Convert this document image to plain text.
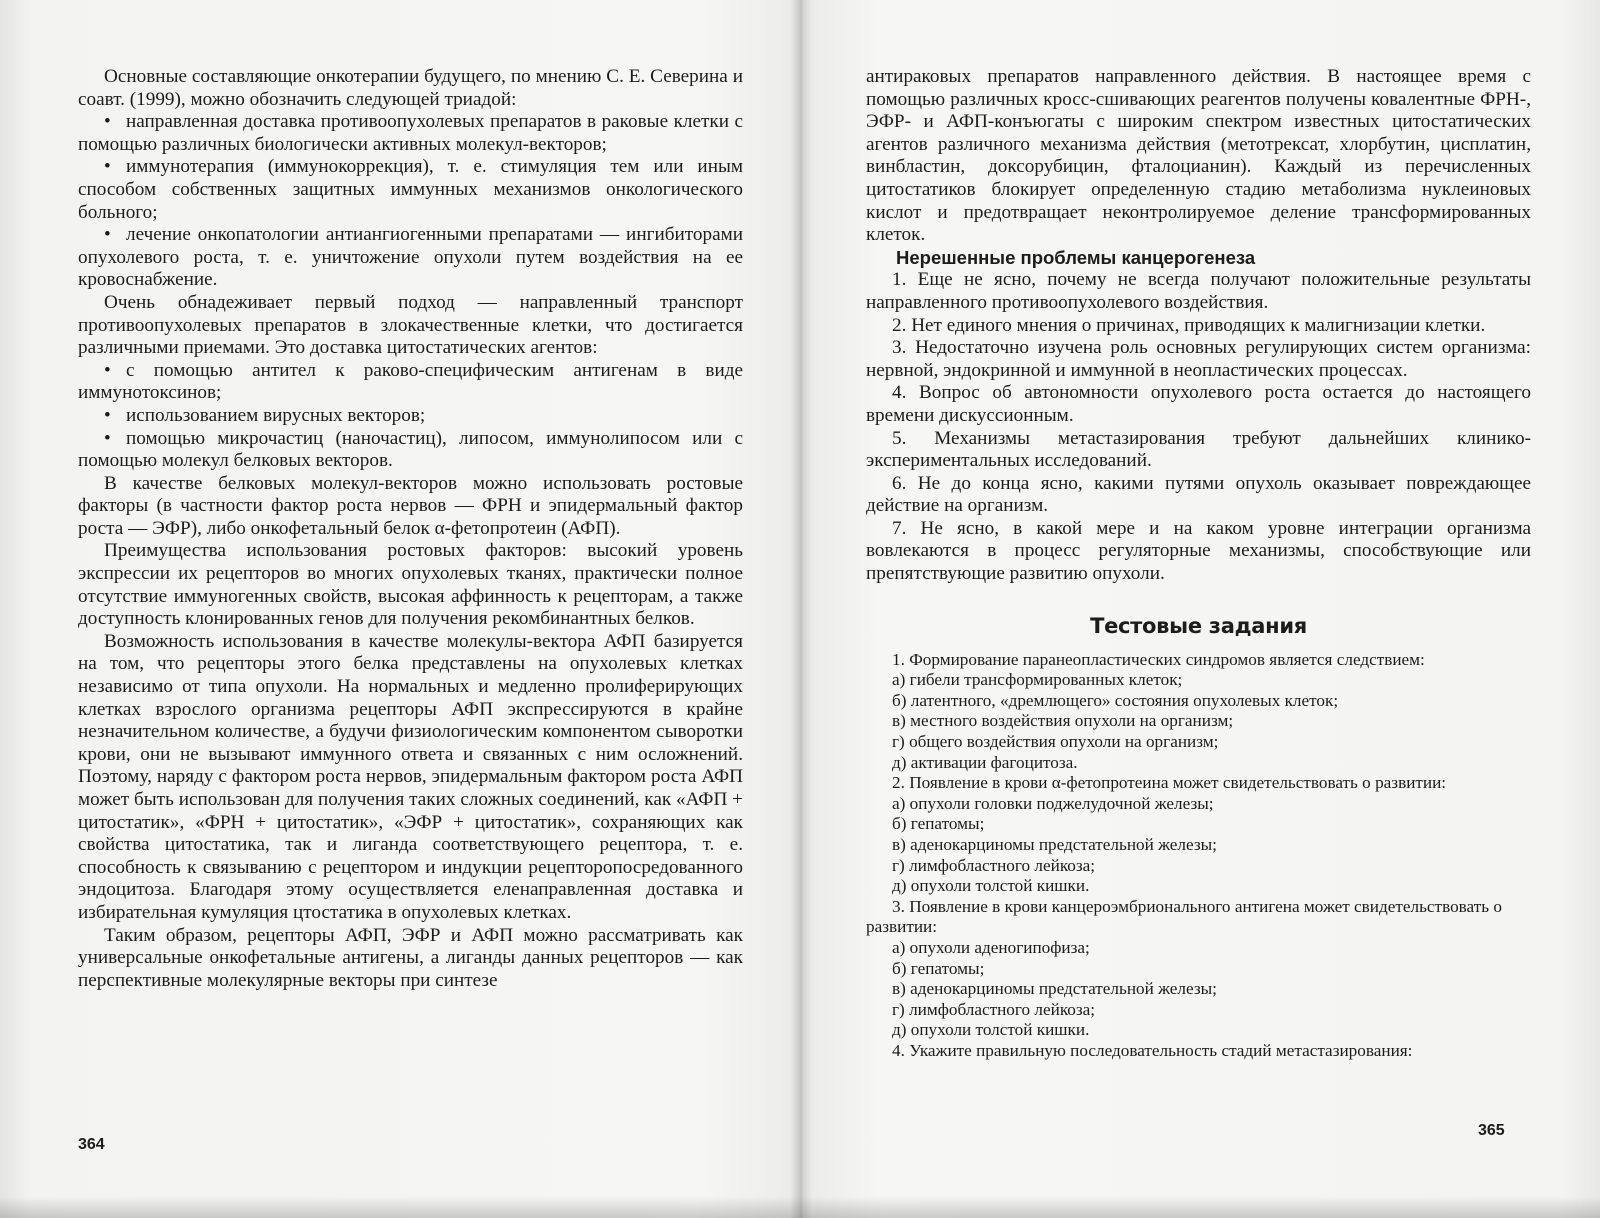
Основные составляющие онкотерапии будущего, по мнению С. Е. Северина и соавт. (1999), можно обозначить следующей триадой:

• направленная доставка противоопухолевых препаратов в раковые клетки с помощью различных биологически активных молекул-векторов;

• иммунотерапия (иммунокоррекция), т. е. стимуляция тем или иным способом собственных защитных иммунных механизмов онкологического больного;

• лечение онкопатологии антиангиогенными препаратами — ингибиторами опухолевого роста, т. е. уничтожение опухоли путем воздействия на ее кровоснабжение.

Очень обнадеживает первый подход — направленный транспорт противоопухолевых препаратов в злокачественные клетки, что достигается различными приемами. Это доставка цитостатических агентов:

• с помощью антител к раково-специфическим антигенам в виде иммунотоксинов;

• использованием вирусных векторов;

• помощью микрочастиц (наночастиц), липосом, иммунолипосом или с помощью молекул белковых векторов.

В качестве белковых молекул-векторов можно использовать ростовые факторы (в частности фактор роста нервов — ФРН и эпидермальный фактор роста — ЭФР), либо онкофетальный белок α-фетопротеин (АФП).

Преимущества использования ростовых факторов: высокий уровень экспрессии их рецепторов во многих опухолевых тканях, практически полное отсутствие иммуногенных свойств, высокая аффинность к рецепторам, а также доступность клонированных генов для получения рекомбинантных белков.

Возможность использования в качестве молекулы-вектора АФП базируется на том, что рецепторы этого белка представлены на опухолевых клетках независимо от типа опухоли. На нормальных и медленно пролиферирующих клетках взрослого организма рецепторы АФП экспрессируются в крайне незначительном количестве, а будучи физиологическим компонентом сыворотки крови, они не вызывают иммунного ответа и связанных с ним осложнений. Поэтому, наряду с фактором роста нервов, эпидермальным фактором роста АФП может быть использован для получения таких сложных соединений, как «АФП + цитостатик», «ФРН + цитостатик», «ЭФР + цитостатик», сохраняющих как свойства цитостатика, так и лиганда соответствующего рецептора, т. е. способность к связыванию с рецептором и индукции рецепторопосредованного эндоцитоза. Благодаря этому осуществляется еленаправленная доставка и избирательная кумуляция цтостатика в опухолевых клетках.

Таким образом, рецепторы АФП, ЭФР и АФП можно рассматривать как универсальные онкофетальные антигены, а лиганды данных рецепторов — как перспективные молекулярные векторы при синтезе

364

антираковых препаратов направленного действия. В настоящее время с помощью различных кросс-сшивающих реагентов получены ковалентные ФРН-, ЭФР- и АФП-конъюгаты с широким спектром известных цитостатических агентов различного механизма действия (метотрексат, хлорбутин, цисплатин, винбластин, доксорубицин, фталоцианин). Каждый из перечисленных цитостатиков блокирует определенную стадию метаболизма нуклеиновых кислот и предотвращает неконтролируемое деление трансформированных клеток.

Нерешенные проблемы канцерогенеза

1. Еще не ясно, почему не всегда получают положительные результаты направленного противоопухолевого воздействия.

2. Нет единого мнения о причинах, приводящих к малигнизации клетки.

3. Недостаточно изучена роль основных регулирующих систем организма: нервной, эндокринной и иммунной в неопластических процессах.

4. Вопрос об автономности опухолевого роста остается до настоящего времени дискуссионным.

5. Механизмы метастазирования требуют дальнейших клинико-экспериментальных исследований.

6. Не до конца ясно, какими путями опухоль оказывает повреждающее действие на организм.

7. Не ясно, в какой мере и на каком уровне интеграции организма вовлекаются в процесс регуляторные механизмы, способствующие или препятствующие развитию опухоли.

Тестовые задания

1. Формирование паранеопластических синдромов является следствием:

а) гибели трансформированных клеток;

б) латентного, «дремлющего» состояния опухолевых клеток;

в) местного воздействия опухоли на организм;

г) общего воздействия опухоли на организм;

д) активации фагоцитоза.

2. Появление в крови α-фетопротеина может свидетельствовать о развитии:

а) опухоли головки поджелудочной железы;

б) гепатомы;

в) аденокарциномы предстательной железы;

г) лимфобластного лейкоза;

д) опухоли толстой кишки.

3. Появление в крови канцероэмбрионального антигена может свидетельствовать о развитии:

а) опухоли аденогипофиза;

б) гепатомы;

в) аденокарциномы предстательной железы;

г) лимфобластного лейкоза;

д) опухоли толстой кишки.

4. Укажите правильную последовательность стадий метастазирования:

365
